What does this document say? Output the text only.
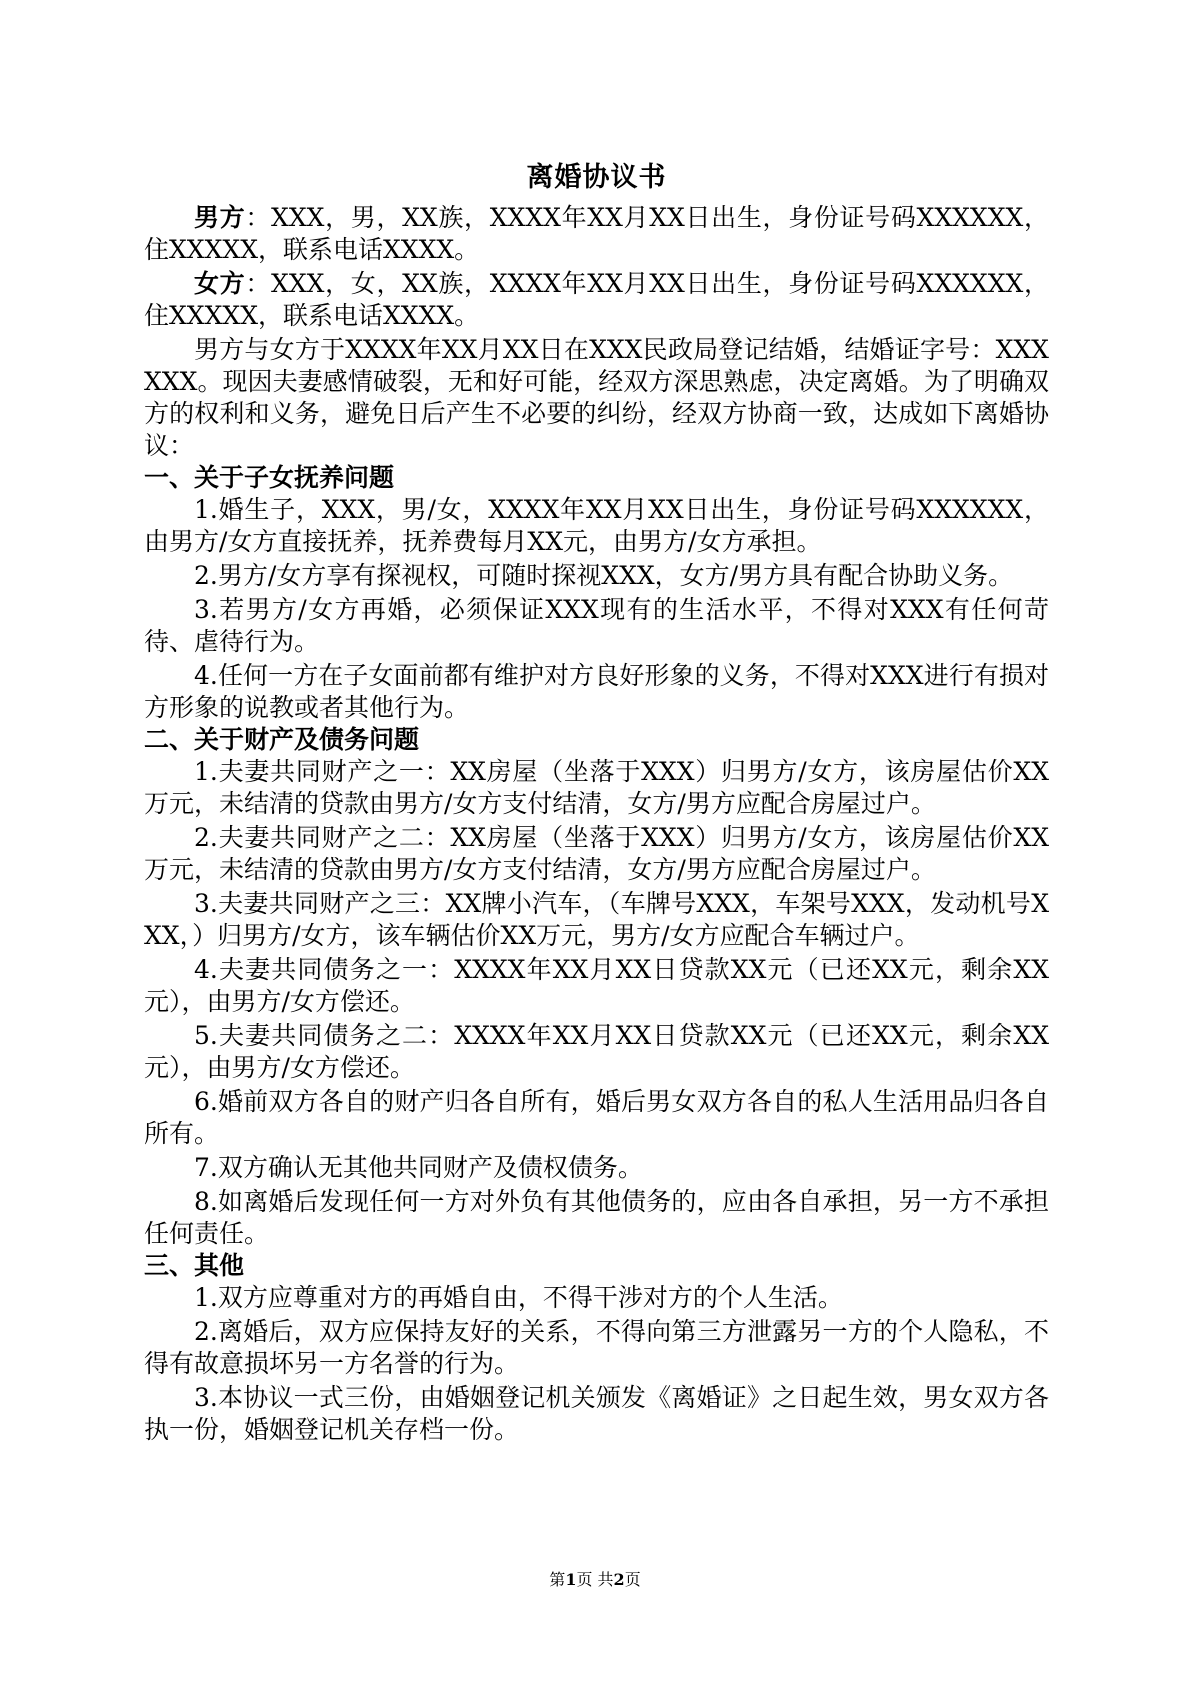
离婚协议书

男方：XXX，男，XX族，XXXX年XX月XX日出生，身份证号码XXXXXX，住XXXXX，联系电话XXXX。

女方：XXX，女，XX族，XXXX年XX月XX日出生，身份证号码XXXXXX，住XXXXX，联系电话XXXX。

男方与女方于XXXX年XX月XX日在XXX民政局登记结婚，结婚证字号：XXXXXX。现因夫妻感情破裂，无和好可能，经双方深思熟虑，决定离婚。为了明确双方的权利和义务，避免日后产生不必要的纠纷，经双方协商一致，达成如下离婚协议：

一、关于子女抚养问题

1.婚生子，XXX，男/女，XXXX年XX月XX日出生，身份证号码XXXXXX，由男方/女方直接抚养，抚养费每月XX元，由男方/女方承担。

2.男方/女方享有探视权，可随时探视XXX，女方/男方具有配合协助义务。

3.若男方/女方再婚，必须保证XXX现有的生活水平，不得对XXX有任何苛待、虐待行为。

4.任何一方在子女面前都有维护对方良好形象的义务，不得对XXX进行有损对方形象的说教或者其他行为。

二、关于财产及债务问题

1.夫妻共同财产之一：XX房屋（坐落于XXX）归男方/女方，该房屋估价XX万元，未结清的贷款由男方/女方支付结清，女方/男方应配合房屋过户。

2.夫妻共同财产之二：XX房屋（坐落于XXX）归男方/女方，该房屋估价XX万元，未结清的贷款由男方/女方支付结清，女方/男方应配合房屋过户。

3.夫妻共同财产之三：XX牌小汽车，（车牌号XXX，车架号XXX，发动机号XXX，）归男方/女方，该车辆估价XX万元，男方/女方应配合车辆过户。

4.夫妻共同债务之一：XXXX年XX月XX日贷款XX元（已还XX元，剩余XX元），由男方/女方偿还。

5.夫妻共同债务之二：XXXX年XX月XX日贷款XX元（已还XX元，剩余XX元），由男方/女方偿还。

6.婚前双方各自的财产归各自所有，婚后男女双方各自的私人生活用品归各自所有。

7.双方确认无其他共同财产及债权债务。

8.如离婚后发现任何一方对外负有其他债务的，应由各自承担，另一方不承担任何责任。

三、其他

1.双方应尊重对方的再婚自由，不得干涉对方的个人生活。

2.离婚后，双方应保持友好的关系，不得向第三方泄露另一方的个人隐私，不得有故意损坏另一方名誉的行为。

3.本协议一式三份，由婚姻登记机关颁发《离婚证》之日起生效，男女双方各执一份，婚姻登记机关存档一份。

第1页 共2页
